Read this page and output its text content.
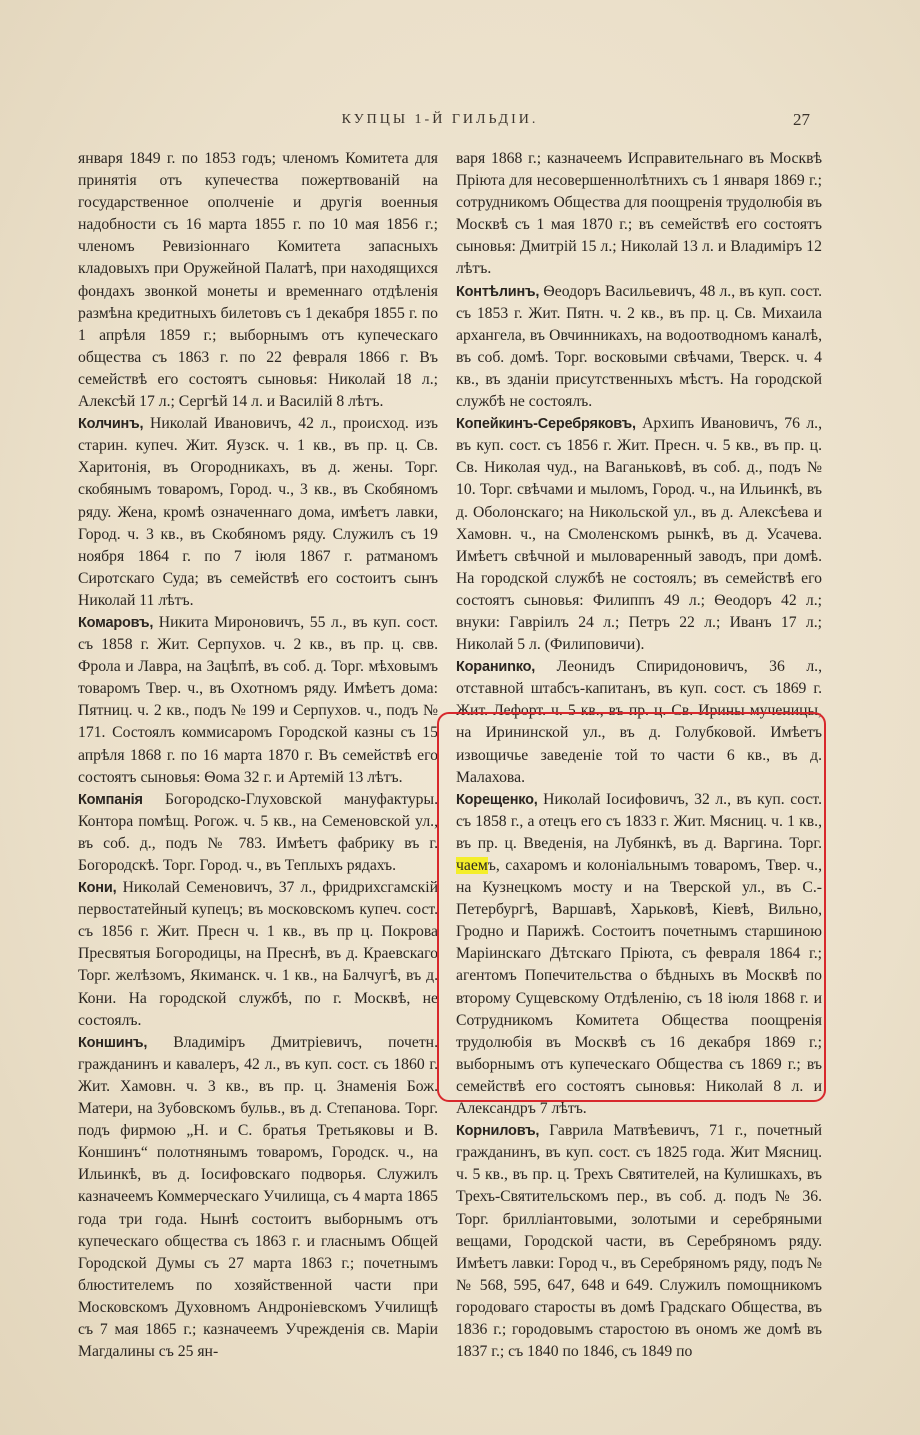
КУПЦЫ 1-Й ГИЛЬДІИ.	27

января 1849 г. по 1853 годъ; членомъ Комитета для принятія отъ купечества пожертвованій на государственное ополченіе и другія военныя надобности съ 16 марта 1855 г. по 10 мая 1856 г.; членомъ Ревизіоннаго Комитета запасныхъ кладовыхъ при Оружейной Палатѣ, при находящихся фондахъ звонкой монеты и временнаго отдѣленія размѣна кредитныхъ билетовъ съ 1 декабря 1855 г. по 1 апрѣля 1859 г.; выборнымъ отъ купеческаго общества съ 1863 г. по 22 февраля 1866 г. Въ семействѣ его состоятъ сыновья: Николай 18 л.; Алексѣй 17 л.; Сергѣй 14 л. и Василій 8 лѣтъ.

Колчинъ, Николай Ивановичъ, 42 л., происход. изъ старин. купеч. Жит. Яузск. ч. 1 кв., въ пр. ц. Св. Харитонія, въ Огородникахъ, въ д. жены. Торг. скобянымъ товаромъ, Город. ч., 3 кв., въ Скобяномъ ряду. Жена, кромѣ означеннаго дома, имѣетъ лавки, Город. ч. 3 кв., въ Скобяномъ ряду. Служилъ съ 19 ноября 1864 г. по 7 іюля 1867 г. ратманомъ Сиротскаго Суда; въ семействѣ его состоитъ сынъ Николай 11 лѣтъ.

Комаровъ, Никита Мироновичъ, 55 л., въ куп. сост. съ 1858 г. Жит. Серпухов. ч. 2 кв., въ пр. ц. свв. Фрола и Лавра, на Зацѣпѣ, въ соб. д. Торг. мѣховымъ товаромъ Твер. ч., въ Охотномъ ряду. Имѣетъ дома: Пятниц. ч. 2 кв., подъ № 199 и Серпухов. ч., подъ № 171. Состоялъ коммисаромъ Городской казны съ 15 апрѣля 1868 г. по 16 марта 1870 г. Въ семействѣ его состоятъ сыновья: Ѳома 32 г. и Артемій 13 лѣтъ.

Компанія Богородско-Глуховской мануфактуры. Контора помѣщ. Рогож. ч. 5 кв., на Семеновской ул., въ соб. д., подъ № 783. Имѣетъ фабрику въ г. Богородскѣ. Торг. Город. ч., въ Теплыхъ рядахъ.

Кони, Николай Семеновичъ, 37 л., фридрихсгамскій первостатейный купецъ; въ московскомъ купеч. сост. съ 1856 г. Жит. Пресн ч. 1 кв., въ пр ц. Покрова Пресвятыя Богородицы, на Преснѣ, въ д. Краевскаго Торг. желѣзомъ, Якиманск. ч. 1 кв., на Балчугѣ, въ д. Кони. На городской службѣ, по г. Москвѣ, не состоялъ.

Коншинъ, Владиміръ Дмитріевичъ, почетн. гражданинъ и кавалеръ, 42 л., въ куп. сост. съ 1860 г. Жит. Хамовн. ч. 3 кв., въ пр. ц. Знаменія Бож. Матери, на Зубовскомъ бульв., въ д. Степанова. Торг. подъ фирмою „Н. и С. братья Третьяковы и В. Коншинъ“ полотнянымъ товаромъ, Городск. ч., на Ильинкѣ, въ д. Іосифовскаго подворья. Служилъ казначеемъ Коммерческаго Училища, съ 4 марта 1865 года три года. Нынѣ состоитъ выборнымъ отъ купеческаго общества съ 1863 г. и гласнымъ Общей Городской Думы съ 27 марта 1863 г.; почетнымъ блюстителемъ по хозяйственной части при Московскомъ Духовномъ Андроніевскомъ Училищѣ съ 7 мая 1865 г.; казначеемъ Учрежденія св. Маріи Магдалины съ 25 ян-

варя 1868 г.; казначеемъ Исправительнаго въ Москвѣ Пріюта для несовершеннолѣтнихъ съ 1 января 1869 г.; сотрудникомъ Общества для поощренія трудолюбія въ Москвѣ съ 1 мая 1870 г.; въ семействѣ его состоятъ сыновья: Дмитрій 15 л.; Николай 13 л. и Владиміръ 12 лѣтъ.

Контѣлинъ, Ѳеодоръ Васильевичъ, 48 л., въ куп. сост. съ 1853 г. Жит. Пятн. ч. 2 кв., въ пр. ц. Св. Михаила архангела, въ Овчинникахъ, на водоотводномъ каналѣ, въ соб. домѣ. Торг. восковыми свѣчами, Тверск. ч. 4 кв., въ зданіи присутственныхъ мѣстъ. На городской службѣ не состоялъ.

Копейкинъ-Серебряковъ, Архипъ Ивановичъ, 76 л., въ куп. сост. съ 1856 г. Жит. Пресн. ч. 5 кв., въ пр. ц. Св. Николая чуд., на Ваганьковѣ, въ соб. д., подъ № 10. Торг. свѣчами и мыломъ, Город. ч., на Ильинкѣ, въ д. Оболонскаго; на Никольской ул., въ д. Алексѣева и Хамовн. ч., на Смоленскомъ рынкѣ, въ д. Усачева. Имѣетъ свѣчной и мыловаренный заводъ, при домѣ. На городской службѣ не состоялъ; въ семействѣ его состоятъ сыновья: Филиппъ 49 л.; Ѳеодоръ 42 л.; внуки: Гавріилъ 24 л.; Петръ 22 л.; Иванъ 17 л.; Николай 5 л. (Филиповичи).

Кораниnко, Леонидъ Спиридоновичъ, 36 л., отставной штабсъ-капитанъ, въ куп. сост. съ 1869 г. Жит. Лефорт. ч. 5 кв., въ пр. ц. Св. Ирины мученицы, на Ирининской ул., въ д. Голубковой. Имѣетъ извощичье заведеніе той то части 6 кв., въ д. Малахова.

Корещенко, Николай Іосифовичъ, 32 л., въ куп. сост. съ 1858 г., а отецъ его съ 1833 г. Жит. Мясниц. ч. 1 кв., въ пр. ц. Введенія, на Лубянкѣ, въ д. Варгина. Торг. чаемъ, сахаромъ и колоніальнымъ товаромъ, Твер. ч., на Кузнецкомъ мосту и на Тверской ул., въ С.-Петербургѣ, Варшавѣ, Харьковѣ, Кіевѣ, Вильно, Гродно и Парижѣ. Состоитъ почетнымъ старшиною Маріинскаго Дѣтскаго Пріюта, съ февраля 1864 г.; агентомъ Попечительства о бѣдныхъ въ Москвѣ по второму Сущевскому Отдѣленію, съ 18 іюля 1868 г. и Сотрудникомъ Комитета Общества поощренія трудолюбія въ Москвѣ съ 16 декабря 1869 г.; выборнымъ отъ купеческаго Общества съ 1869 г.; въ семействѣ его состоятъ сыновья: Николай 8 л. и Александръ 7 лѣтъ.

Корниловъ, Гаврила Матвѣевичъ, 71 г., почетный гражданинъ, въ куп. сост. съ 1825 года. Жит Мясниц. ч. 5 кв., въ пр. ц. Трехъ Святителей, на Кулишкахъ, въ Трехъ-Святительскомъ пер., въ соб. д. подъ № 36. Торг. брилліантовыми, золотыми и серебряными вещами, Городской части, въ Серебряномъ ряду. Имѣетъ лавки: Город ч., въ Серебряномъ ряду, подъ №№ 568, 595, 647, 648 и 649. Служилъ помощникомъ городоваго старосты въ домѣ Градскаго Общества, въ 1836 г.; городовымъ старостою въ ономъ же домѣ въ 1837 г.; съ 1840 по 1846, съ 1849 по
